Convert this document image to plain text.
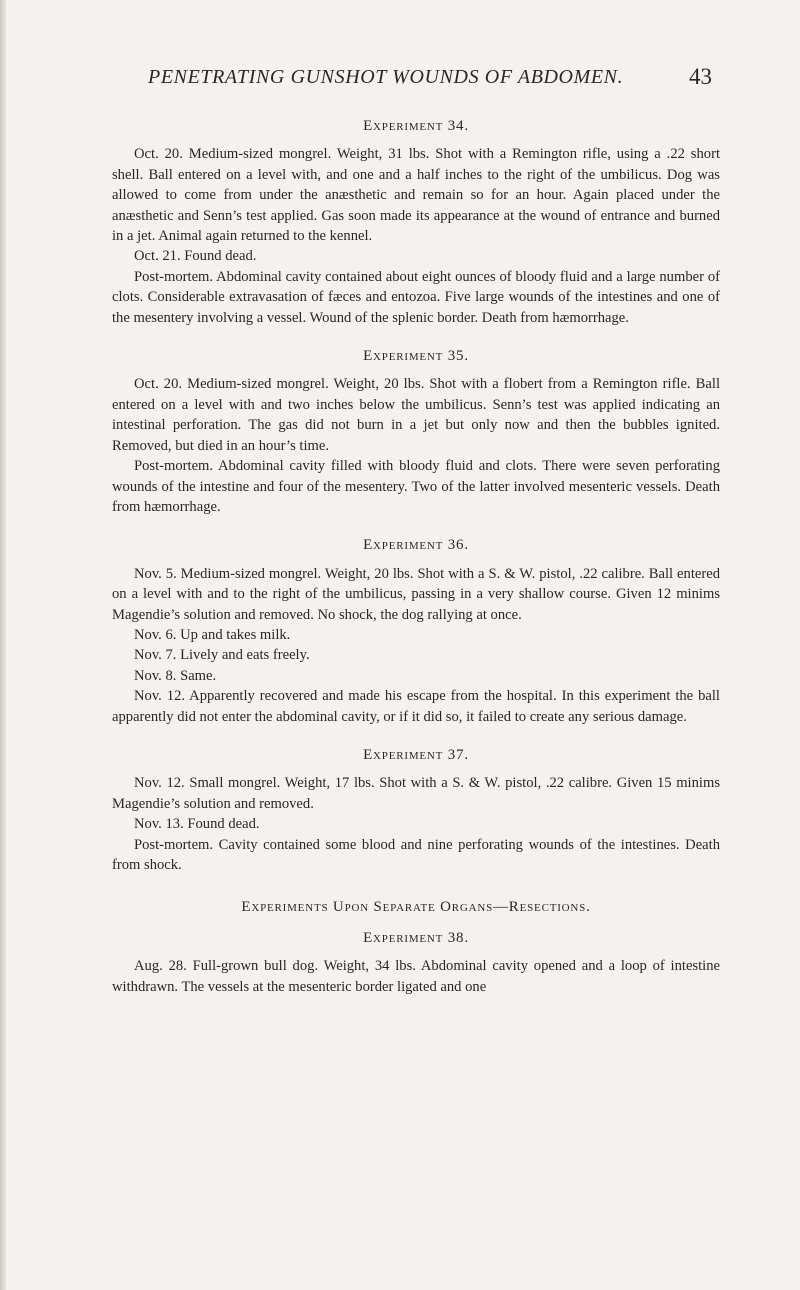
PENETRATING GUNSHOT WOUNDS OF ABDOMEN.	43
Experiment 34.

Oct. 20. Medium-sized mongrel. Weight, 31 lbs. Shot with a Remington rifle, using a .22 short shell. Ball entered on a level with, and one and a half inches to the right of the umbilicus. Dog was allowed to come from under the anæsthetic and remain so for an hour. Again placed under the anæsthetic and Senn’s test applied. Gas soon made its appearance at the wound of entrance and burned in a jet. Animal again returned to the kennel.

Oct. 21. Found dead.

Post-mortem. Abdominal cavity contained about eight ounces of bloody fluid and a large number of clots. Considerable extravasation of fæces and entozoa. Five large wounds of the intestines and one of the mesentery involving a vessel. Wound of the splenic border. Death from hæmorrhage.

Experiment 35.

Oct. 20. Medium-sized mongrel. Weight, 20 lbs. Shot with a flobert from a Remington rifle. Ball entered on a level with and two inches below the umbilicus. Senn’s test was applied indicating an intestinal perforation. The gas did not burn in a jet but only now and then the bubbles ignited. Removed, but died in an hour’s time.

Post-mortem. Abdominal cavity filled with bloody fluid and clots. There were seven perforating wounds of the intestine and four of the mesentery. Two of the latter involved mesenteric vessels. Death from hæmorrhage.

Experiment 36.

Nov. 5. Medium-sized mongrel. Weight, 20 lbs. Shot with a S. & W. pistol, .22 calibre. Ball entered on a level with and to the right of the umbilicus, passing in a very shallow course. Given 12 minims Magendie’s solution and removed. No shock, the dog rallying at once.

Nov. 6. Up and takes milk.

Nov. 7. Lively and eats freely.

Nov. 8. Same.

Nov. 12. Apparently recovered and made his escape from the hospital. In this experiment the ball apparently did not enter the abdominal cavity, or if it did so, it failed to create any serious damage.

Experiment 37.

Nov. 12. Small mongrel. Weight, 17 lbs. Shot with a S. & W. pistol, .22 calibre. Given 15 minims Magendie’s solution and removed.

Nov. 13. Found dead.

Post-mortem. Cavity contained some blood and nine perforating wounds of the intestines. Death from shock.

Experiments Upon Separate Organs—Resections.
Experiment 38.

Aug. 28. Full-grown bull dog. Weight, 34 lbs. Abdominal cavity opened and a loop of intestine withdrawn. The vessels at the mesenteric border ligated and one
